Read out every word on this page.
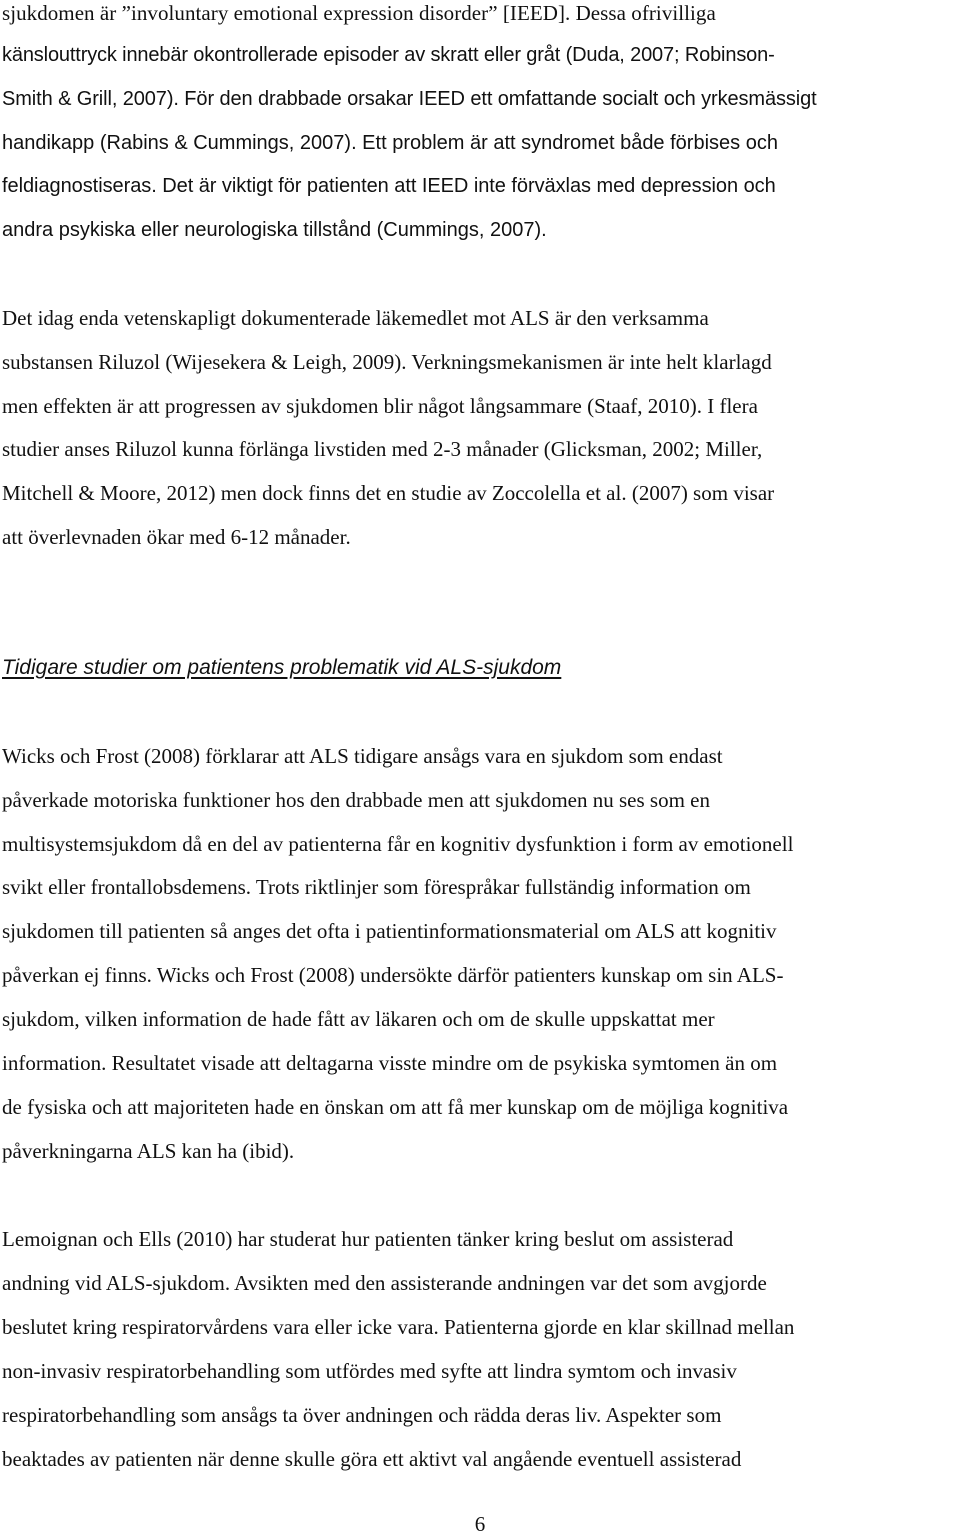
sjukdomen är ”involuntary emotional expression disorder” [IEED]. Dessa ofrivilliga
känslouttryck innebär okontrollerade episoder av skratt eller gråt (Duda, 2007; Robinson-
Smith & Grill, 2007). För den drabbade orsakar IEED ett omfattande socialt och yrkesmässigt
handikapp (Rabins & Cummings, 2007). Ett problem är att syndromet både förbises och
feldiagnostiseras. Det är viktigt för patienten att IEED inte förväxlas med depression och
andra psykiska eller neurologiska tillstånd (Cummings, 2007).
Det idag enda vetenskapligt dokumenterade läkemedlet mot ALS är den verksamma
substansen Riluzol (Wijesekera & Leigh, 2009). Verkningsmekanismen är inte helt klarlagd
men effekten är att progressen av sjukdomen blir något långsammare (Staaf, 2010). I flera
studier anses Riluzol kunna förlänga livstiden med 2-3 månader (Glicksman, 2002; Miller,
Mitchell & Moore, 2012) men dock finns det en studie av Zoccolella et al. (2007) som visar
att överlevnaden ökar med 6-12 månader.
Tidigare studier om patientens problematik vid ALS-sjukdom
Wicks och Frost (2008) förklarar att ALS tidigare ansågs vara en sjukdom som endast
påverkade motoriska funktioner hos den drabbade men att sjukdomen nu ses som en
multisystemsjukdom då en del av patienterna får en kognitiv dysfunktion i form av emotionell
svikt eller frontallobsdemens. Trots riktlinjer som förespråkar fullständig information om
sjukdomen till patienten så anges det ofta i patientinformationsmaterial om ALS att kognitiv
påverkan ej finns. Wicks och Frost (2008) undersökte därför patienters kunskap om sin ALS-
sjukdom, vilken information de hade fått av läkaren och om de skulle uppskattat mer
information. Resultatet visade att deltagarna visste mindre om de psykiska symtomen än om
de fysiska och att majoriteten hade en önskan om att få mer kunskap om de möjliga kognitiva
påverkningarna ALS kan ha (ibid).
Lemoignan och Ells (2010) har studerat hur patienten tänker kring beslut om assisterad
andning vid ALS-sjukdom. Avsikten med den assisterande andningen var det som avgjorde
beslutet kring respiratorvårdens vara eller icke vara. Patienterna gjorde en klar skillnad mellan
non-invasiv respiratorbehandling som utfördes med syfte att lindra symtom och invasiv
respiratorbehandling som ansågs ta över andningen och rädda deras liv. Aspekter som
beaktades av patienten när denne skulle göra ett aktivt val angående eventuell assisterad
6
